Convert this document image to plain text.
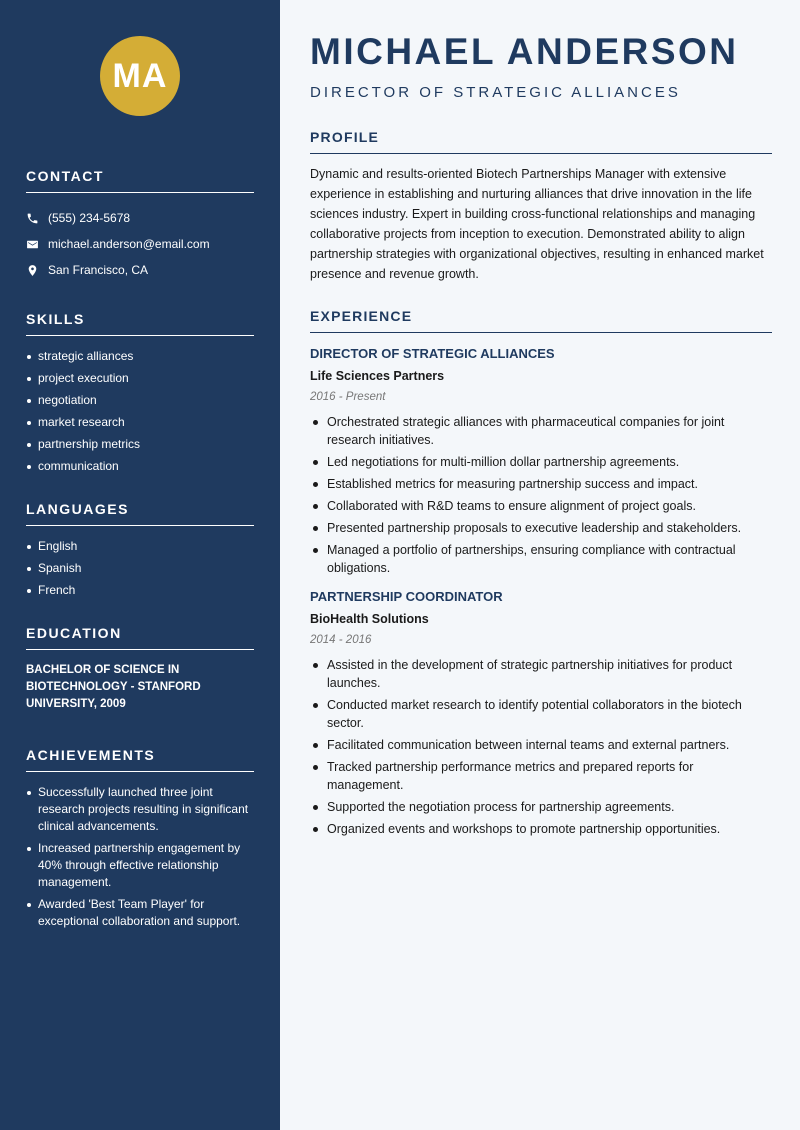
MA
CONTACT
(555) 234-5678
michael.anderson@email.com
San Francisco, CA
SKILLS
strategic alliances
project execution
negotiation
market research
partnership metrics
communication
LANGUAGES
English
Spanish
French
EDUCATION
BACHELOR OF SCIENCE IN BIOTECHNOLOGY - STANFORD UNIVERSITY, 2009
ACHIEVEMENTS
Successfully launched three joint research projects resulting in significant clinical advancements.
Increased partnership engagement by 40% through effective relationship management.
Awarded 'Best Team Player' for exceptional collaboration and support.
MICHAEL ANDERSON
DIRECTOR OF STRATEGIC ALLIANCES
PROFILE

Dynamic and results-oriented Biotech Partnerships Manager with extensive experience in establishing and nurturing alliances that drive innovation in the life sciences industry. Expert in building cross-functional relationships and managing collaborative projects from inception to execution. Demonstrated ability to align partnership strategies with organizational objectives, resulting in enhanced market presence and revenue growth.

EXPERIENCE
DIRECTOR OF STRATEGIC ALLIANCES
Life Sciences Partners
2016 - Present
Orchestrated strategic alliances with pharmaceutical companies for joint research initiatives.
Led negotiations for multi-million dollar partnership agreements.
Established metrics for measuring partnership success and impact.
Collaborated with R&D teams to ensure alignment of project goals.
Presented partnership proposals to executive leadership and stakeholders.
Managed a portfolio of partnerships, ensuring compliance with contractual obligations.
PARTNERSHIP COORDINATOR
BioHealth Solutions
2014 - 2016
Assisted in the development of strategic partnership initiatives for product launches.
Conducted market research to identify potential collaborators in the biotech sector.
Facilitated communication between internal teams and external partners.
Tracked partnership performance metrics and prepared reports for management.
Supported the negotiation process for partnership agreements.
Organized events and workshops to promote partnership opportunities.
